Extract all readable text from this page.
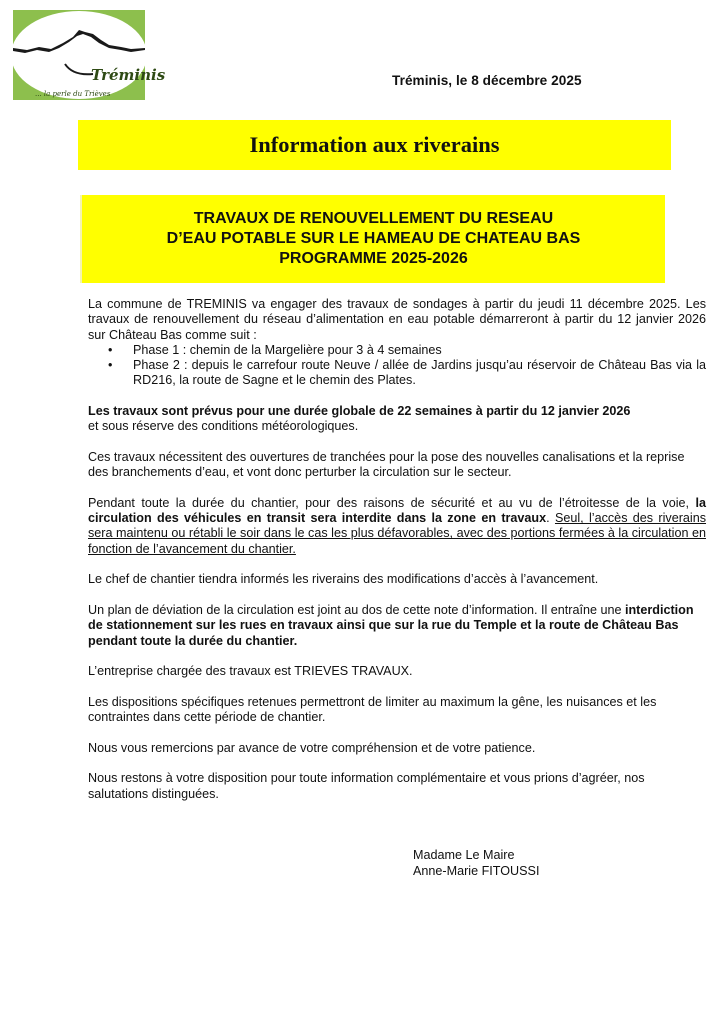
Tréminis
... la perle du Trièves
Tréminis, le 8 décembre 2025
Information aux riverains
TRAVAUX DE RENOUVELLEMENT DU RESEAU
D’EAU POTABLE SUR LE HAMEAU DE CHATEAU BAS
PROGRAMME 2025-2026
La commune de TREMINIS va engager des travaux de sondages à partir du jeudi 11 décembre 2025. Les travaux de renouvellement du réseau d’alimentation en eau potable démarreront à partir du 12 janvier 2026 sur Château Bas comme suit :
• Phase 1 : chemin de la Margelière pour 3 à 4 semaines
• Phase 2 : depuis le carrefour route Neuve / allée de Jardins jusqu’au réservoir de Château Bas via la RD216, la route de Sagne et le chemin des Plates.

Les travaux sont prévus pour une durée globale de 22 semaines à partir du 12 janvier 2026
et sous réserve des conditions météorologiques.

Ces travaux nécessitent des ouvertures de tranchées pour la pose des nouvelles canalisations et la reprise des branchements d’eau, et vont donc perturber la circulation sur le secteur.

Pendant toute la durée du chantier, pour des raisons de sécurité et au vu de l’étroitesse de la voie, la circulation des véhicules en transit sera interdite dans la zone en travaux. Seul, l’accès des riverains sera maintenu ou rétabli le soir dans le cas les plus défavorables, avec des portions fermées à la circulation en fonction de l’avancement du chantier.

Le chef de chantier tiendra informés les riverains des modifications d’accès à l’avancement.

Un plan de déviation de la circulation est joint au dos de cette note d’information. Il entraîne une interdiction de stationnement sur les rues en travaux ainsi que sur la rue du Temple et la route de Château Bas pendant toute la durée du chantier.

L’entreprise chargée des travaux est TRIEVES TRAVAUX.

Les dispositions spécifiques retenues permettront de limiter au maximum la gêne, les nuisances et les contraintes dans cette période de chantier.

Nous vous remercions par avance de votre compréhension et de votre patience.

Nous restons à votre disposition pour toute information complémentaire et vous prions d’agréer, nos salutations distinguées.

Madame Le Maire
Anne-Marie FITOUSSI
